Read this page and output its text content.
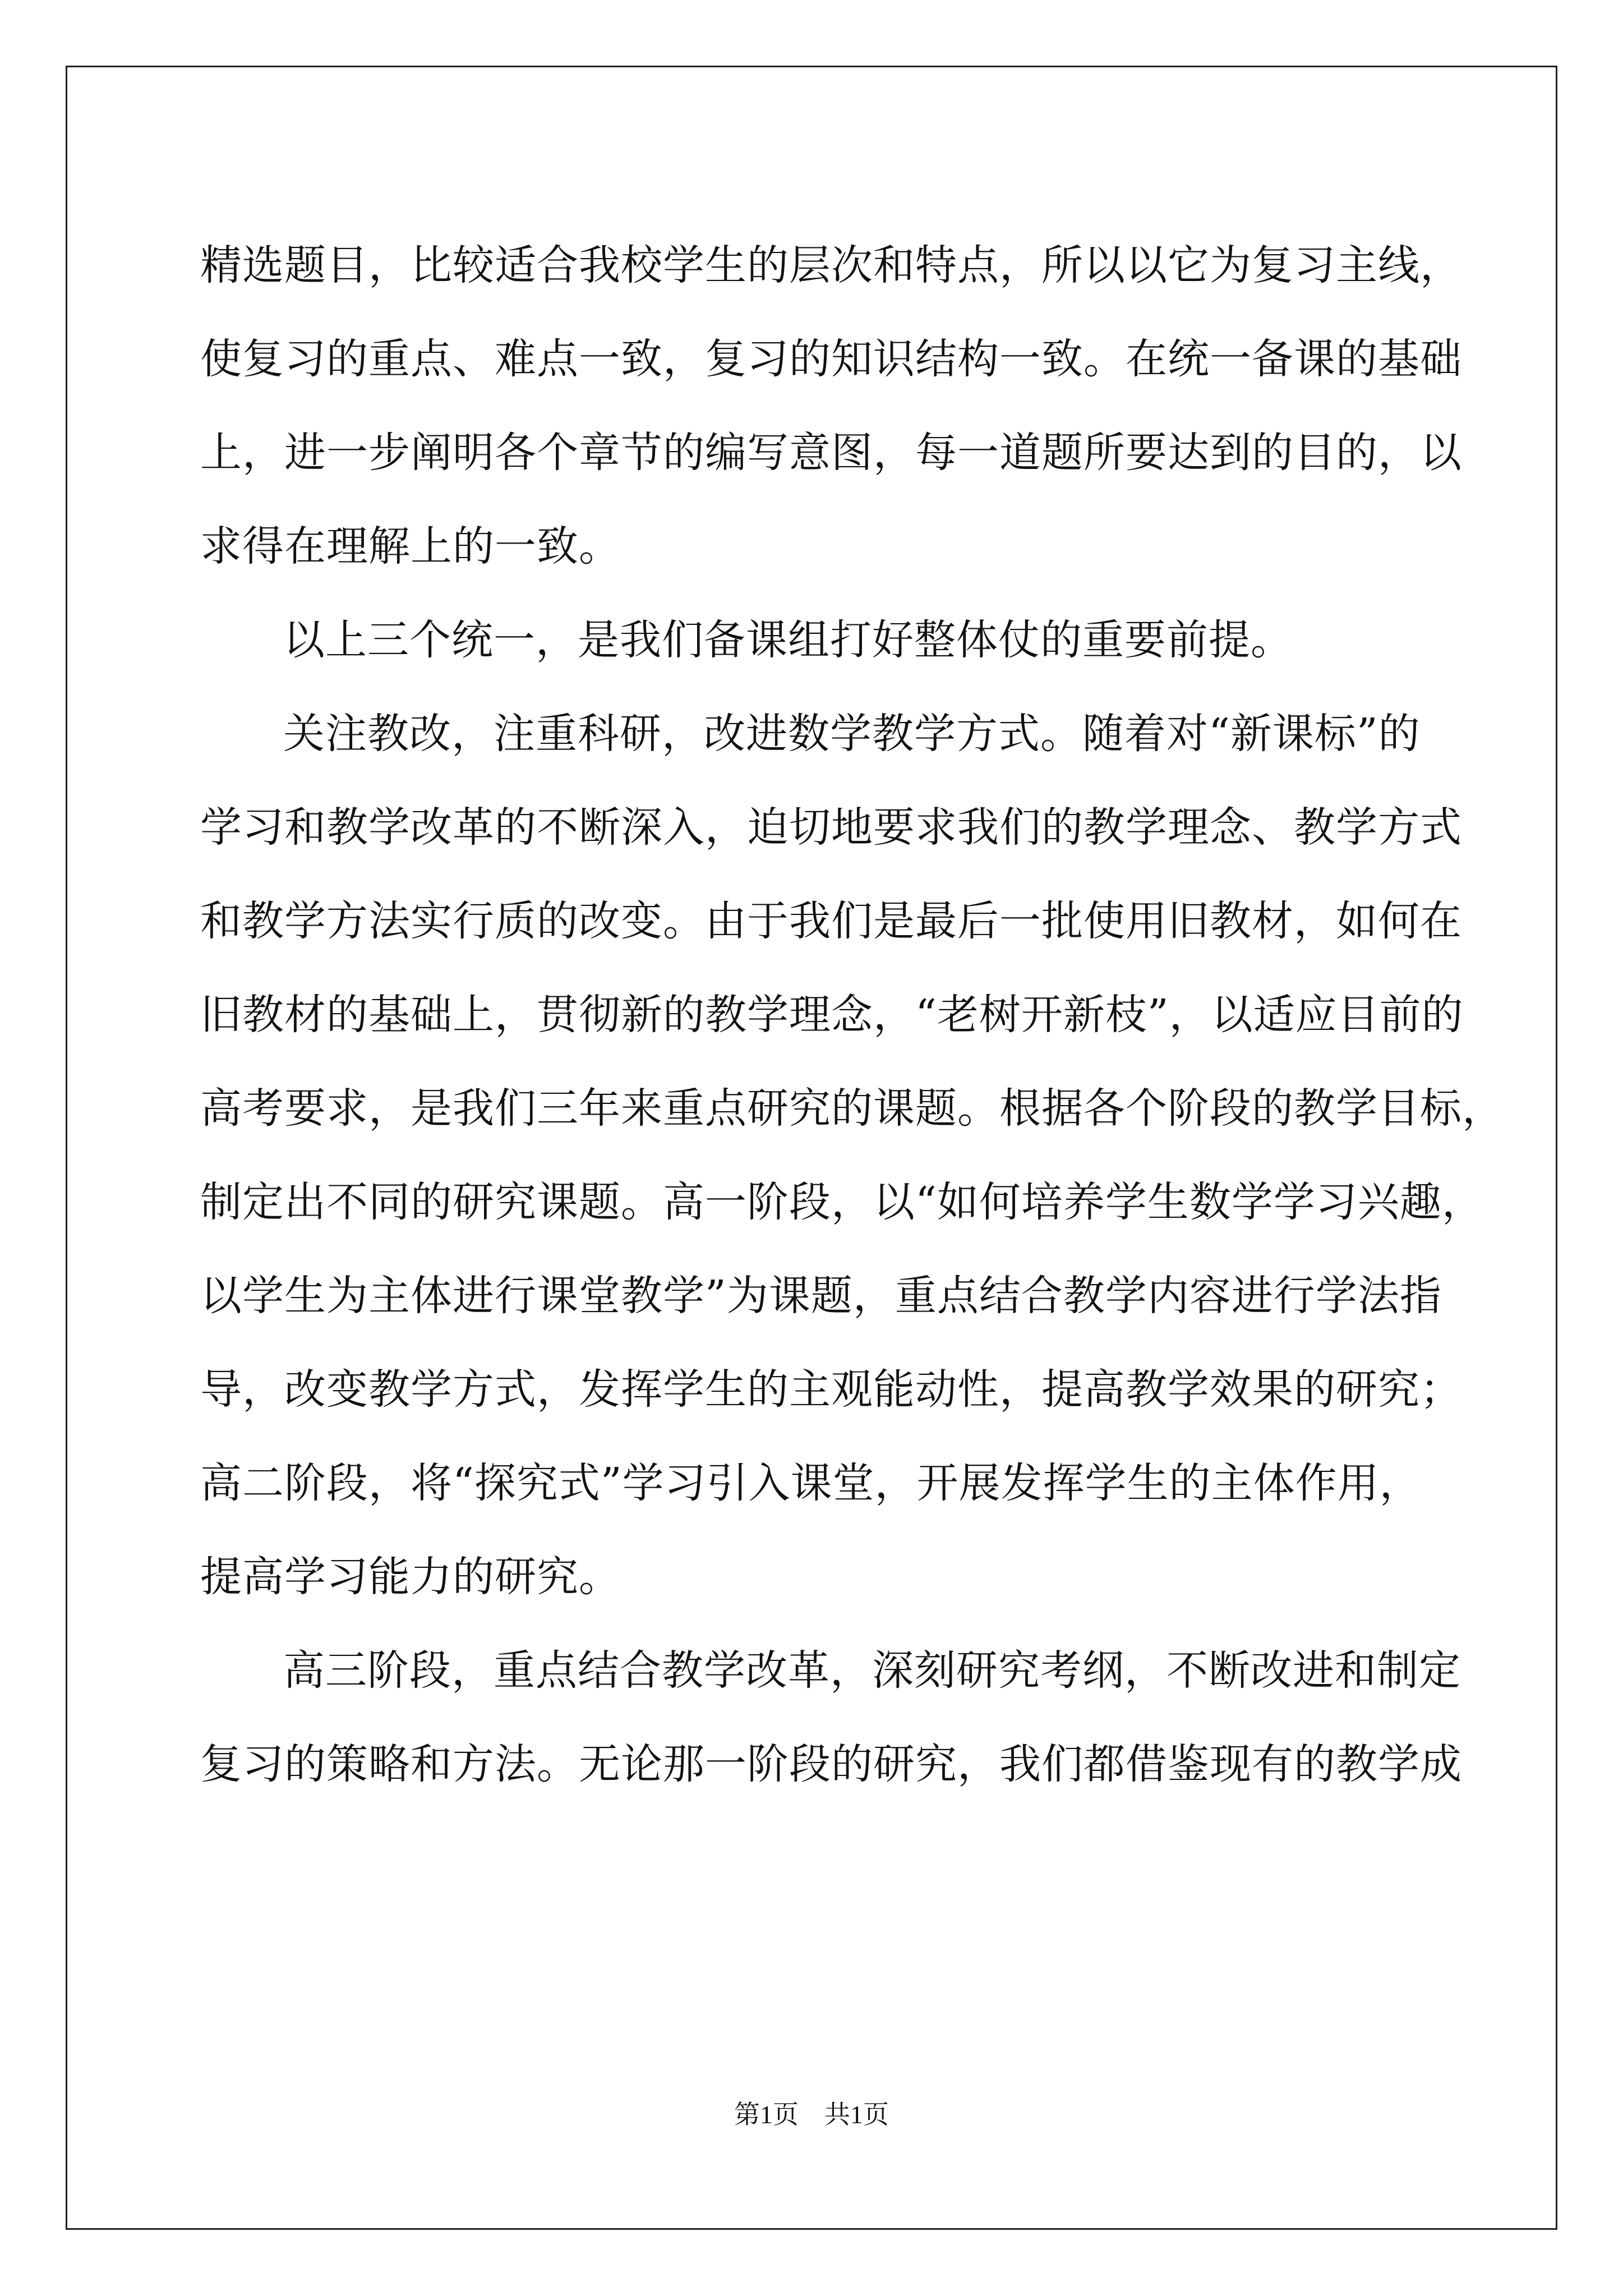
精选题目，比较适合我校学生的层次和特点，所以以它为复习主线，
使复习的重点、难点一致，复习的知识结构一致。在统一备课的基础
上，进一步阐明各个章节的编写意图，每一道题所要达到的目的，以
求得在理解上的一致。

以上三个统一，是我们备课组打好整体仗的重要前提。

关注教改，注重科研，改进数学教学方式。随着对“新课标”的
学习和教学改革的不断深入，迫切地要求我们的教学理念、教学方式
和教学方法实行质的改变。由于我们是最后一批使用旧教材，如何在
旧教材的基础上，贯彻新的教学理念，“老树开新枝”，以适应目前的
高考要求，是我们三年来重点研究的课题。根据各个阶段的教学目标，
制定出不同的研究课题。高一阶段，以“如何培养学生数学学习兴趣，
以学生为主体进行课堂教学”为课题，重点结合教学内容进行学法指
导，改变教学方式，发挥学生的主观能动性，提高教学效果的研究；
高二阶段，将“探究式”学习引入课堂，开展发挥学生的主体作用，
提高学习能力的研究。

高三阶段，重点结合教学改革，深刻研究考纲，不断改进和制定
复习的策略和方法。无论那一阶段的研究，我们都借鉴现有的教学成

第1页　共1页
